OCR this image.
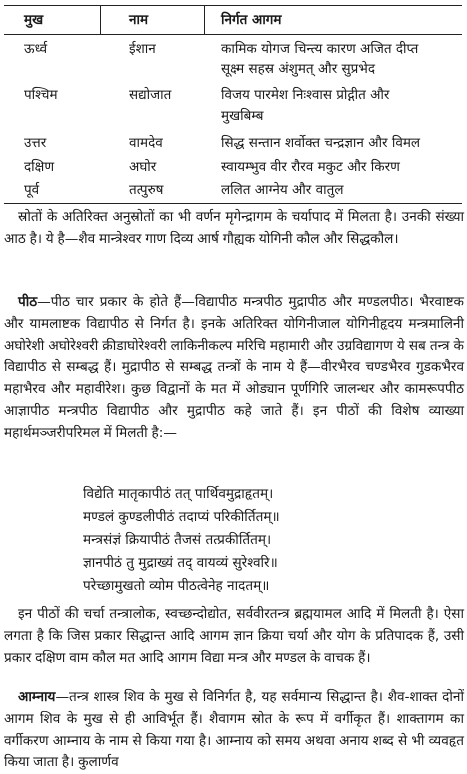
मुख	नाम	निर्गत आगम
ऊर्ध्व	ईशान	कामिक योगज चिन्त्य कारण अजित दीप्त
सूक्ष्म सहस्र अंशुमत् और सुप्रभेद
पश्चिम	सद्योजात	विजय पारमेश निःश्वास प्रोद्गीत और
मुखबिम्ब
उत्तर	वामदेव	सिद्ध सन्तान शर्वोक्त चन्द्रज्ञान और विमल
दक्षिण	अघोर	स्वायम्भुव वीर रौरव मकुट और किरण
पूर्व	तत्पुरुष	ललित आग्नेय और वातुल

स्रोतों के अतिरिक्त अनुस्रोतों का भी वर्णन मृगेन्द्रागम के चर्यापाद में मिलता है। उनकी संख्या आठ है। ये है—शैव मान्त्रेश्वर गाण दिव्य आर्ष गौह्यक योगिनी कौल और सिद्धकौल।

पीठ—पीठ चार प्रकार के होते हैं—विद्यापीठ मन्त्रपीठ मुद्रापीठ और मण्डलपीठ। भैरवाष्टक और यामलाष्टक विद्यापीठ से निर्गत है। इनके अतिरिक्त योगिनीजाल योगिनीहृदय मन्त्रमालिनी अघोरेशी अघोरेश्वरी क्रीडाघोरेश्वरी लाकिनीकल्प मरिचि महामारी और उग्रविद्यागण ये सब तन्त्र के विद्यापीठ से सम्बद्ध हैं। मुद्रापीठ से सम्बद्ध तन्त्रों के नाम ये हैं—वीरभैरव चण्डभैरव गुडकभैरव महाभैरव और महावीरेश। कुछ विद्वानों के मत में ओड्यान पूर्णगिरि जालन्धर और कामरूपपीठ आज्ञापीठ मन्त्रपीठ विद्यापीठ और मुद्रापीठ कहे जाते हैं। इन पीठों की विशेष व्याख्या महार्थमञ्जरीपरिमल में मिलती है:—

विद्येति मातृकापीठं तत् पार्थिवमुद्राहृतम्।
मण्डलं कुण्डलीपीठं तदाप्यं परिकीर्तितम्॥
मन्त्रसंज्ञं क्रियापीठं तैजसं तत्प्रकीर्तितम्।
ज्ञानपीठं तु मुद्राख्यं तद् वायव्यं सुरेश्वरि॥
परेच्छामुखतो व्योम पीठत्वेनेह नादतम्॥

इन पीठों की चर्चा तन्त्रालोक, स्वच्छन्दोद्योत, सर्ववीरतन्त्र ब्रह्मयामल आदि में मिलती है। ऐसा लगता है कि जिस प्रकार सिद्धान्त आदि आगम ज्ञान क्रिया चर्या और योग के प्रतिपादक हैं, उसी प्रकार दक्षिण वाम कौल मत आदि आगम विद्या मन्त्र और मण्डल के वाचक हैं।

आम्नाय—तन्त्र शास्त्र शिव के मुख से विनिर्गत है, यह सर्वमान्य सिद्धान्त है। शैव-शाक्त दोनों आगम शिव के मुख से ही आविर्भूत हैं। शैवागम स्रोत के रूप में वर्गीकृत हैं। शाक्तागम का वर्गीकरण आम्नाय के नाम से किया गया है। आम्नाय को समय अथवा अनाय शब्द से भी व्यवहृत किया जाता है। कुलार्णव
